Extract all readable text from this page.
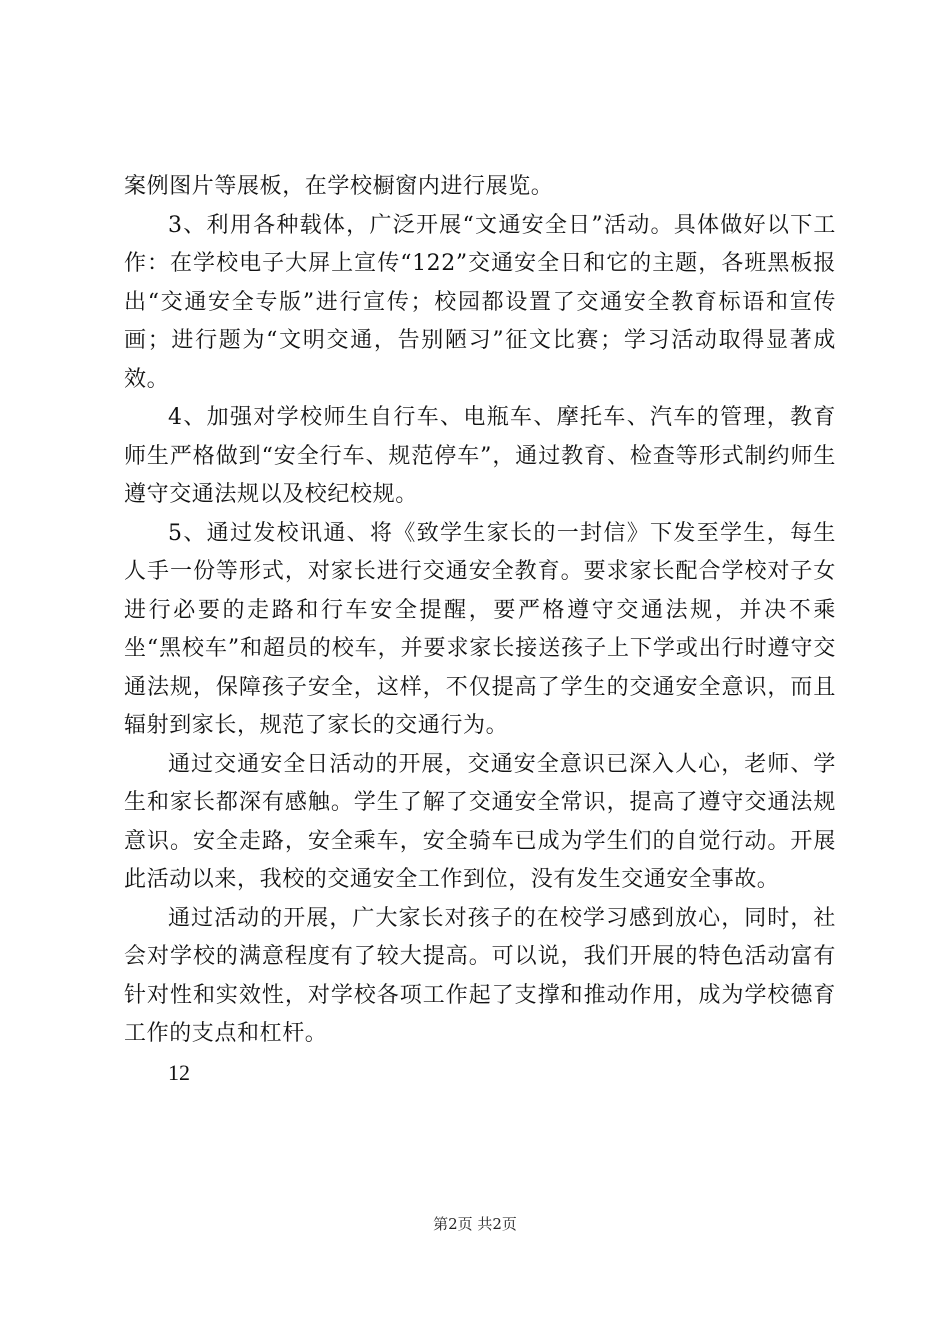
案例图片等展板，在学校橱窗内进行展览。

3、利用各种载体，广泛开展“文通安全日”活动。具体做好以下工作：在学校电子大屏上宣传“122”交通安全日和它的主题，各班黑板报出“交通安全专版”进行宣传；校园都设置了交通安全教育标语和宣传画；进行题为“文明交通，告别陋习”征文比赛；学习活动取得显著成效。

4、加强对学校师生自行车、电瓶车、摩托车、汽车的管理，教育师生严格做到“安全行车、规范停车”，通过教育、检查等形式制约师生遵守交通法规以及校纪校规。

5、通过发校讯通、将《致学生家长的一封信》下发至学生，每生人手一份等形式，对家长进行交通安全教育。要求家长配合学校对子女进行必要的走路和行车安全提醒，要严格遵守交通法规，并决不乘坐“黑校车”和超员的校车，并要求家长接送孩子上下学或出行时遵守交通法规，保障孩子安全，这样，不仅提高了学生的交通安全意识，而且辐射到家长，规范了家长的交通行为。

通过交通安全日活动的开展，交通安全意识已深入人心，老师、学生和家长都深有感触。学生了解了交通安全常识，提高了遵守交通法规意识。安全走路，安全乘车，安全骑车已成为学生们的自觉行动。开展此活动以来，我校的交通安全工作到位，没有发生交通安全事故。

通过活动的开展，广大家长对孩子的在校学习感到放心，同时，社会对学校的满意程度有了较大提高。可以说，我们开展的特色活动富有针对性和实效性，对学校各项工作起了支撑和推动作用，成为学校德育工作的支点和杠杆。

12

第2页 共2页
